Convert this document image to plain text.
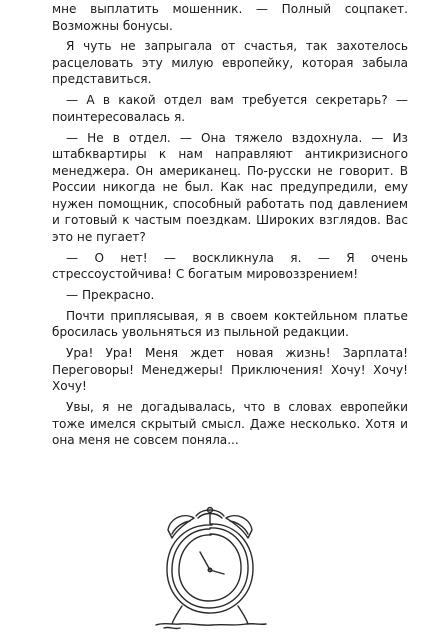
мне выплатить мошенник. — Полный соцпакет. Возможны бонусы.

Я чуть не запрыгала от счастья, так захотелось расцеловать эту милую европейку, которая забыла представиться.

— А в какой отдел вам требуется секретарь? — поинтересовалась я.

— Не в отдел. — Она тяжело вздохнула. — Из штабквартиры к нам направляют антикризисного менеджера. Он американец. По-русски не говорит. В России никогда не был. Как нас предупредили, ему нужен помощник, способный работать под давлением и готовый к частым поездкам. Широких взглядов. Вас это не пугает?

— О нет! — воскликнула я. — Я очень стрессоустойчива! С богатым мировоззрением!

— Прекрасно.

Почти приплясывая, я в своем коктейльном платье бросилась увольняться из пыльной редакции.

Ура! Ура! Меня ждет новая жизнь! Зарплата! Переговоры! Менеджеры! Приключения! Хочу! Хочу! Хочу!

Увы, я не догадывалась, что в словах европейки тоже имелся скрытый смысл. Даже несколько. Хотя и она меня не совсем поняла...
